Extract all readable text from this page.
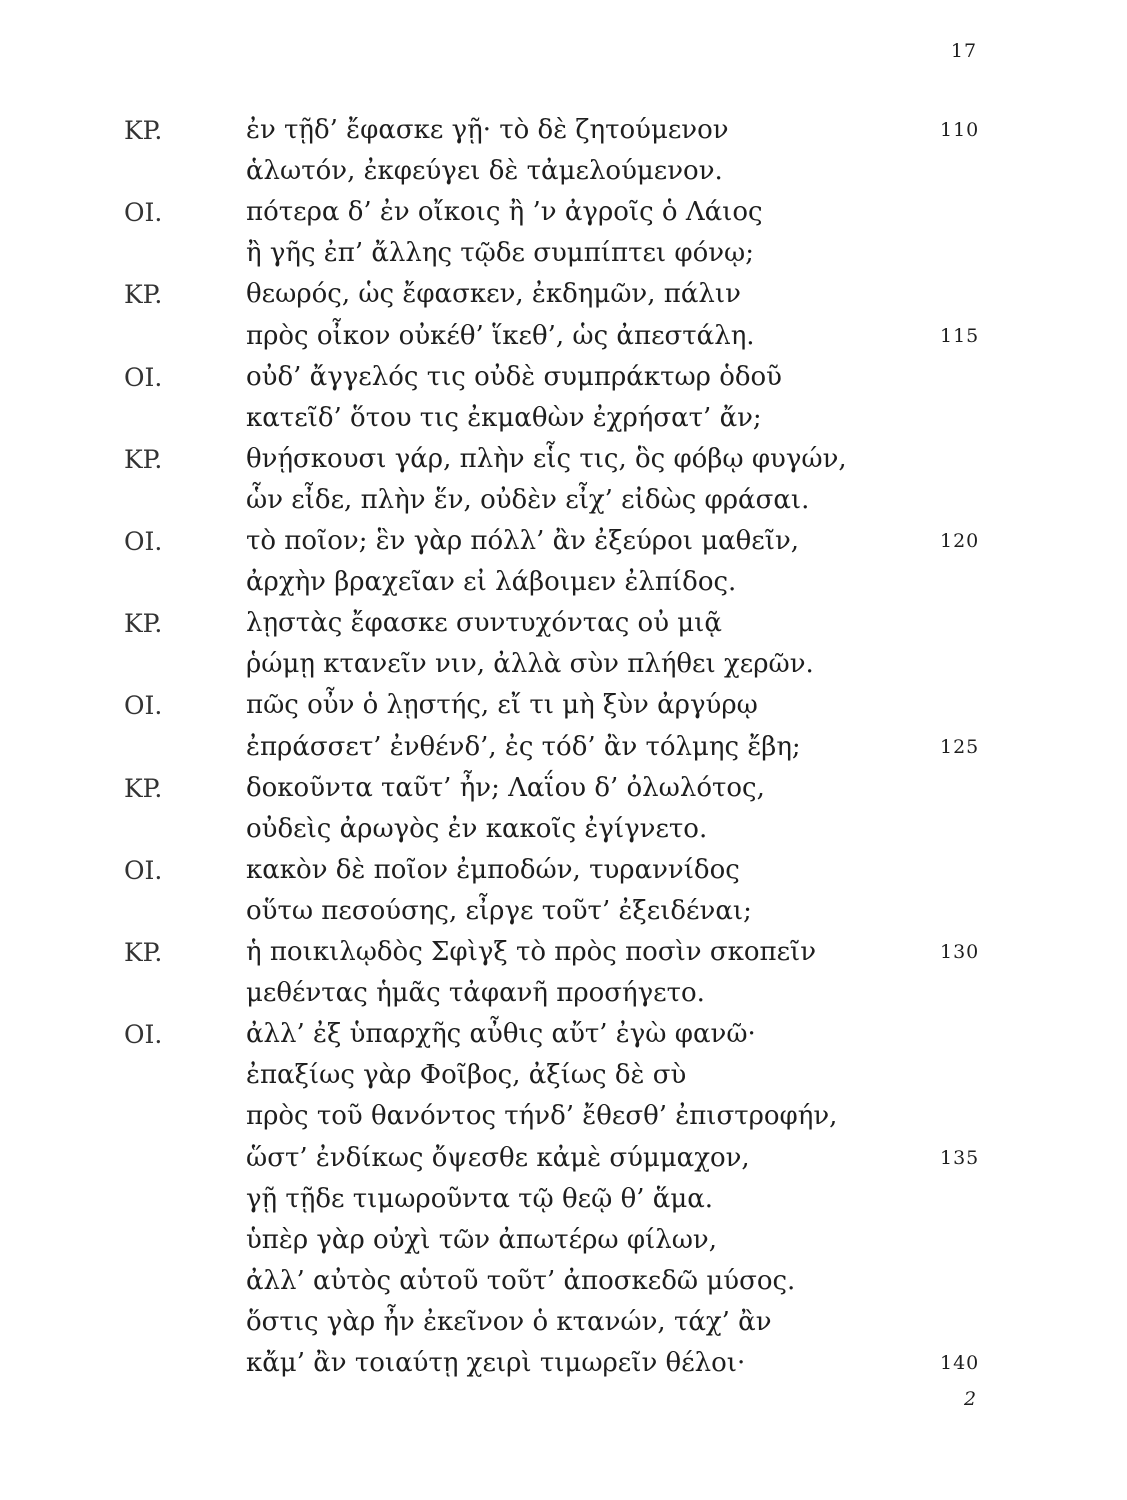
17
KP.	ἐν τῇδ’ ἔφασκε γῇ· τὸ δὲ ζητούμενον	110
ἁλωτόν, ἐκφεύγει δὲ τἀμελούμενον.
OI.	πότερα δ’ ἐν οἴκοις ἢ ’ν ἀγροῖς ὁ Λάιος
ἢ γῆς ἐπ’ ἄλλης τῷδε συμπίπτει φόνῳ;
KP.	θεωρός, ὡς ἔφασκεν, ἐκδημῶν, πάλιν
πρὸς οἶκον οὐκέθ’ ἵκεθ’, ὡς ἀπεστάλη.	115
OI.	οὐδ’ ἄγγελός τις οὐδὲ συμπράκτωρ ὁδοῦ
κατεῖδ’ ὅτου τις ἐκμαθὼν ἐχρήσατ’ ἄν;
KP.	θνῄσκουσι γάρ, πλὴν εἷς τις, ὃς φόβῳ φυγών,
ὧν εἶδε, πλὴν ἕν, οὐδὲν εἶχ’ εἰδὼς φράσαι.
OI.	τὸ ποῖον; ἓν γὰρ πόλλ’ ἂν ἐξεύροι μαθεῖν,	120
ἀρχὴν βραχεῖαν εἰ λάβοιμεν ἐλπίδος.
KP.	λῃστὰς ἔφασκε συντυχόντας οὐ μιᾷ
ῥώμῃ κτανεῖν νιν, ἀλλὰ σὺν πλήθει χερῶν.
OI.	πῶς οὖν ὁ λῃστής, εἴ τι μὴ ξὺν ἀργύρῳ
ἐπράσσετ’ ἐνθένδ’, ἐς τόδ’ ἂν τόλμης ἔβη;	125
KP.	δοκοῦντα ταῦτ’ ἦν; Λαΐου δ’ ὀλωλότος,
οὐδεὶς ἀρωγὸς ἐν κακοῖς ἐγίγνετο.
OI.	κακὸν δὲ ποῖον ἐμποδών, τυραννίδος
οὕτω πεσούσης, εἶργε τοῦτ’ ἐξειδέναι;
KP.	ἡ ποικιλῳδὸς Σφὶγξ τὸ πρὸς ποσὶν σκοπεῖν	130
μεθέντας ἡμᾶς τἀφανῆ προσήγετο.
OI.	ἀλλ’ ἐξ ὑπαρχῆς αὖθις αὔτ’ ἐγὼ φανῶ·
ἐπαξίως γὰρ Φοῖβος, ἀξίως δὲ σὺ
πρὸς τοῦ θανόντος τήνδ’ ἔθεσθ’ ἐπιστροφήν,
ὥστ’ ἐνδίκως ὄψεσθε κἀμὲ σύμμαχον,	135
γῇ τῇδε τιμωροῦντα τῷ θεῷ θ’ ἅμα.
ὑπὲρ γὰρ οὐχὶ τῶν ἀπωτέρω φίλων,
ἀλλ’ αὐτὸς αὑτοῦ τοῦτ’ ἀποσκεδῶ μύσος.
ὅστις γὰρ ἦν ἐκεῖνον ὁ κτανών, τάχ’ ἂν
κἄμ’ ἂν τοιαύτῃ χειρὶ τιμωρεῖν θέλοι·	140
2
